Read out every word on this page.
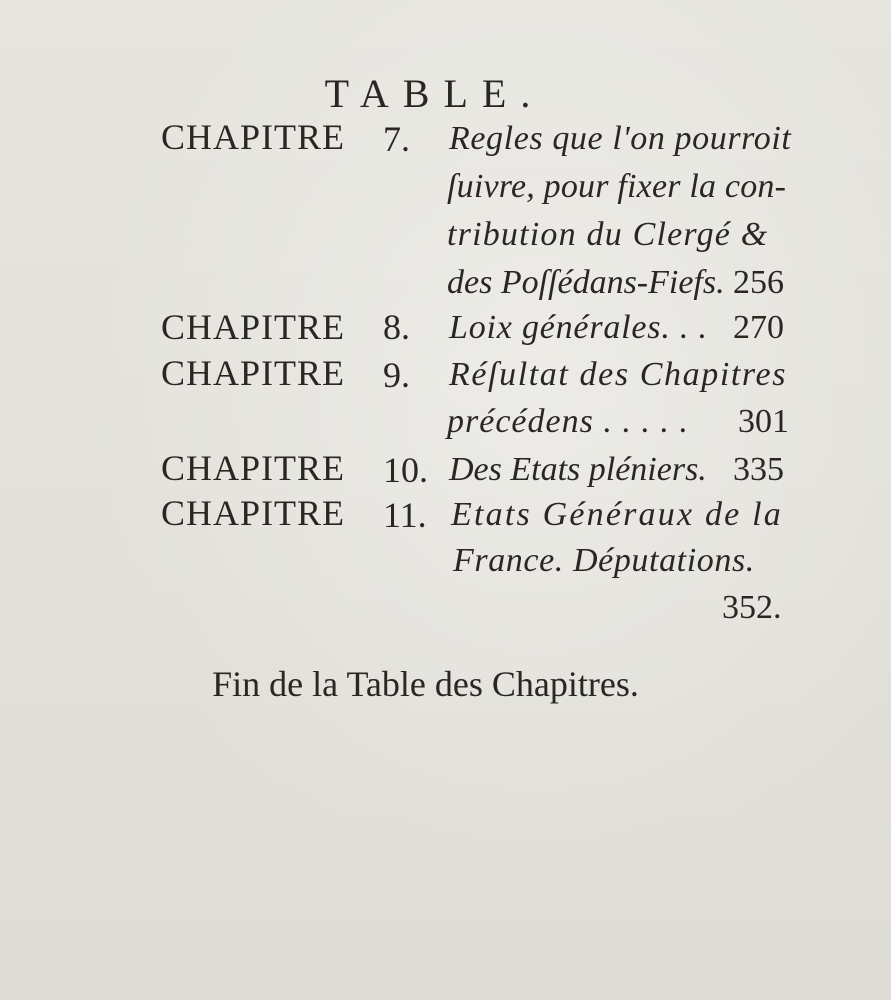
TABLE.
CHAPITRE 7. Regles que l'on pourroit
ſuivre, pour fixer la con-
tribution du Clergé &
des Poſſédans-Fiefs. 256
CHAPITRE 8. Loix générales. . . 270
CHAPITRE 9. Réſultat des Chapitres
précédens . . . . . 301
CHAPITRE 10. Des Etats pléniers. 335
CHAPITRE 11. Etats Généraux de la
France. Députations.
352.
Fin de la Table des Chapitres.
